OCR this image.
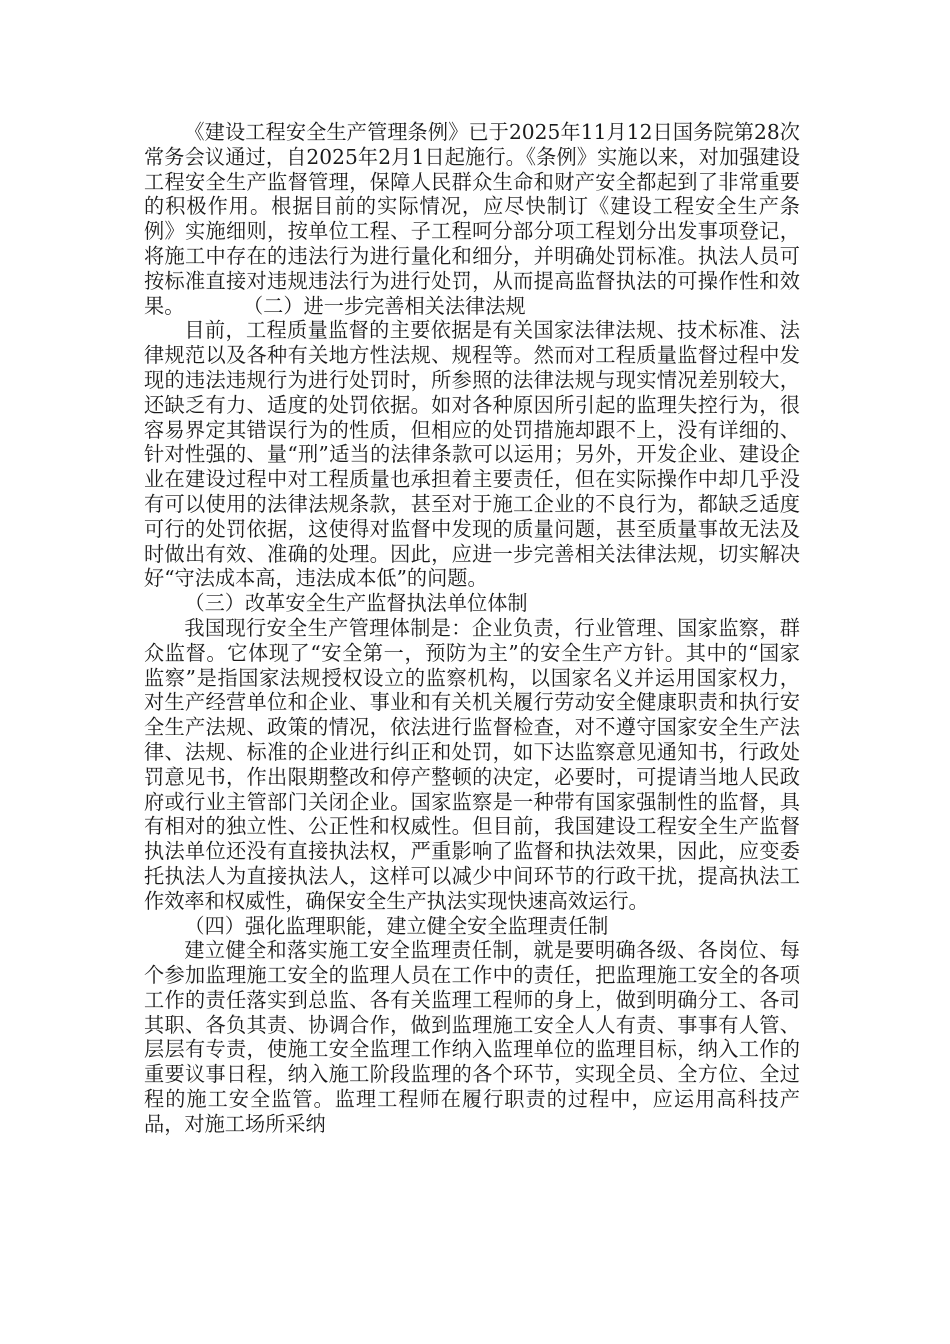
《建设工程安全生产管理条例》已于2025年11月12日国务院第28次常务会议通过，自2025年2月1日起施行。《条例》实施以来，对加强建设工程安全生产监督管理，保障人民群众生命和财产安全都起到了非常重要的积极作用。根据目前的实际情况，应尽快制订《建设工程安全生产条例》实施细则，按单位工程、子工程呵分部分项工程划分出发事项登记，将施工中存在的违法行为进行量化和细分，并明确处罚标准。执法人员可按标准直接对违规违法行为进行处罚，从而提高监督执法的可操作性和效果。	（二）进一步完善相关法律法规

目前，工程质量监督的主要依据是有关国家法律法规、技术标准、法律规范以及各种有关地方性法规、规程等。然而对工程质量监督过程中发现的违法违规行为进行处罚时，所参照的法律法规与现实情况差别较大，还缺乏有力、适度的处罚依据。如对各种原因所引起的监理失控行为，很容易界定其错误行为的性质，但相应的处罚措施却跟不上，没有详细的、针对性强的、量“刑”适当的法律条款可以运用；另外，开发企业、建设企业在建设过程中对工程质量也承担着主要责任，但在实际操作中却几乎没有可以使用的法律法规条款，甚至对于施工企业的不良行为，都缺乏适度可行的处罚依据，这使得对监督中发现的质量问题，甚至质量事故无法及时做出有效、准确的处理。因此，应进一步完善相关法律法规，切实解决好“守法成本高，违法成本低”的问题。

（三）改革安全生产监督执法单位体制

我国现行安全生产管理体制是：企业负责，行业管理、国家监察，群众监督。它体现了“安全第一，预防为主”的安全生产方针。其中的“国家监察”是指国家法规授权设立的监察机构，以国家名义并运用国家权力，对生产经营单位和企业、事业和有关机关履行劳动安全健康职责和执行安全生产法规、政策的情况，依法进行监督检查，对不遵守国家安全生产法律、法规、标准的企业进行纠正和处罚，如下达监察意见通知书，行政处罚意见书，作出限期整改和停产整顿的决定，必要时，可提请当地人民政府或行业主管部门关闭企业。国家监察是一种带有国家强制性的监督，具有相对的独立性、公正性和权威性。但目前，我国建设工程安全生产监督执法单位还没有直接执法权，严重影响了监督和执法效果，因此，应变委托执法人为直接执法人，这样可以减少中间环节的行政干扰，提高执法工作效率和权威性，确保安全生产执法实现快速高效运行。

（四）强化监理职能，建立健全安全监理责任制

建立健全和落实施工安全监理责任制，就是要明确各级、各岗位、每个参加监理施工安全的监理人员在工作中的责任，把监理施工安全的各项工作的责任落实到总监、各有关监理工程师的身上，做到明确分工、各司其职、各负其责、协调合作，做到监理施工安全人人有责、事事有人管、层层有专责，使施工安全监理工作纳入监理单位的监理目标，纳入工作的重要议事日程，纳入施工阶段监理的各个环节，实现全员、全方位、全过程的施工安全监管。监理工程师在履行职责的过程中，应运用高科技产品，对施工场所采纳
